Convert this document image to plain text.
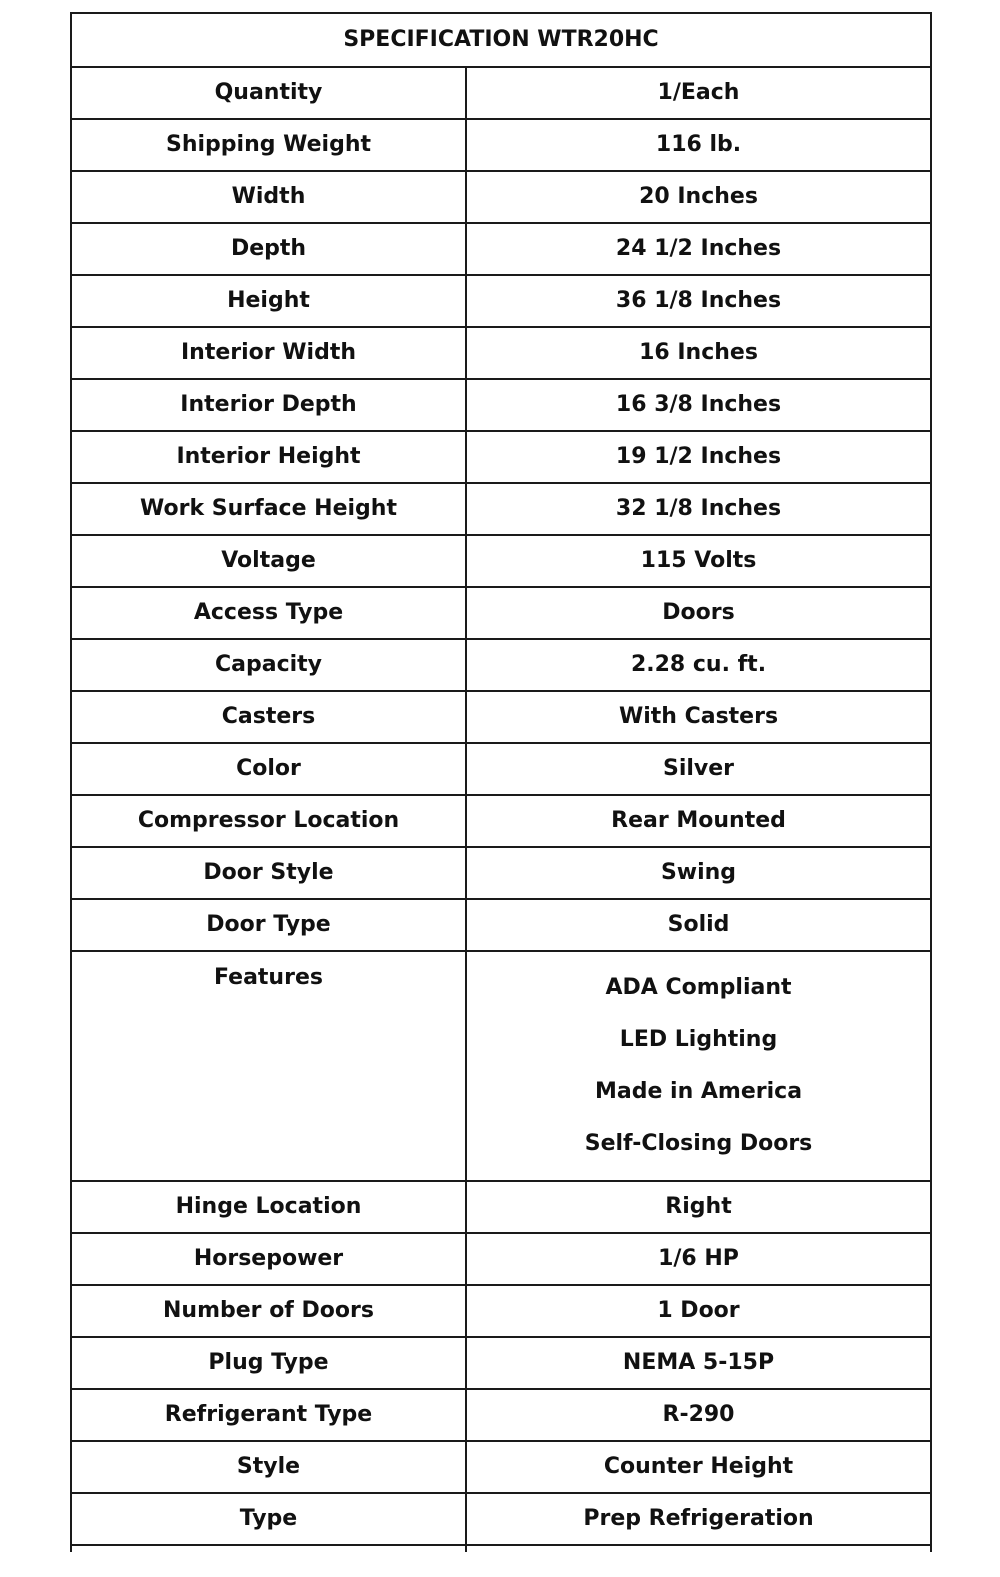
SPECIFICATION WTR20HC	
Quantity	1/Each
Shipping Weight	116 lb.
Width	20 Inches
Depth	24 1/2 Inches
Height	36 1/8 Inches
Interior Width	16 Inches
Interior Depth	16 3/8 Inches
Interior Height	19 1/2 Inches
Work Surface Height	32 1/8 Inches
Voltage	115 Volts
Access Type	Doors
Capacity	2.28 cu. ft.
Casters	With Casters
Color	Silver
Compressor Location	Rear Mounted
Door Style	Swing
Door Type	Solid
Features	ADA Compliant
LED Lighting
Made in America
Self-Closing Doors

Hinge Location	Right
Horsepower	1/6 HP
Number of Doors	1 Door
Plug Type	NEMA 5-15P
Refrigerant Type	R-290
Style	Counter Height
Type	Prep Refrigeration
